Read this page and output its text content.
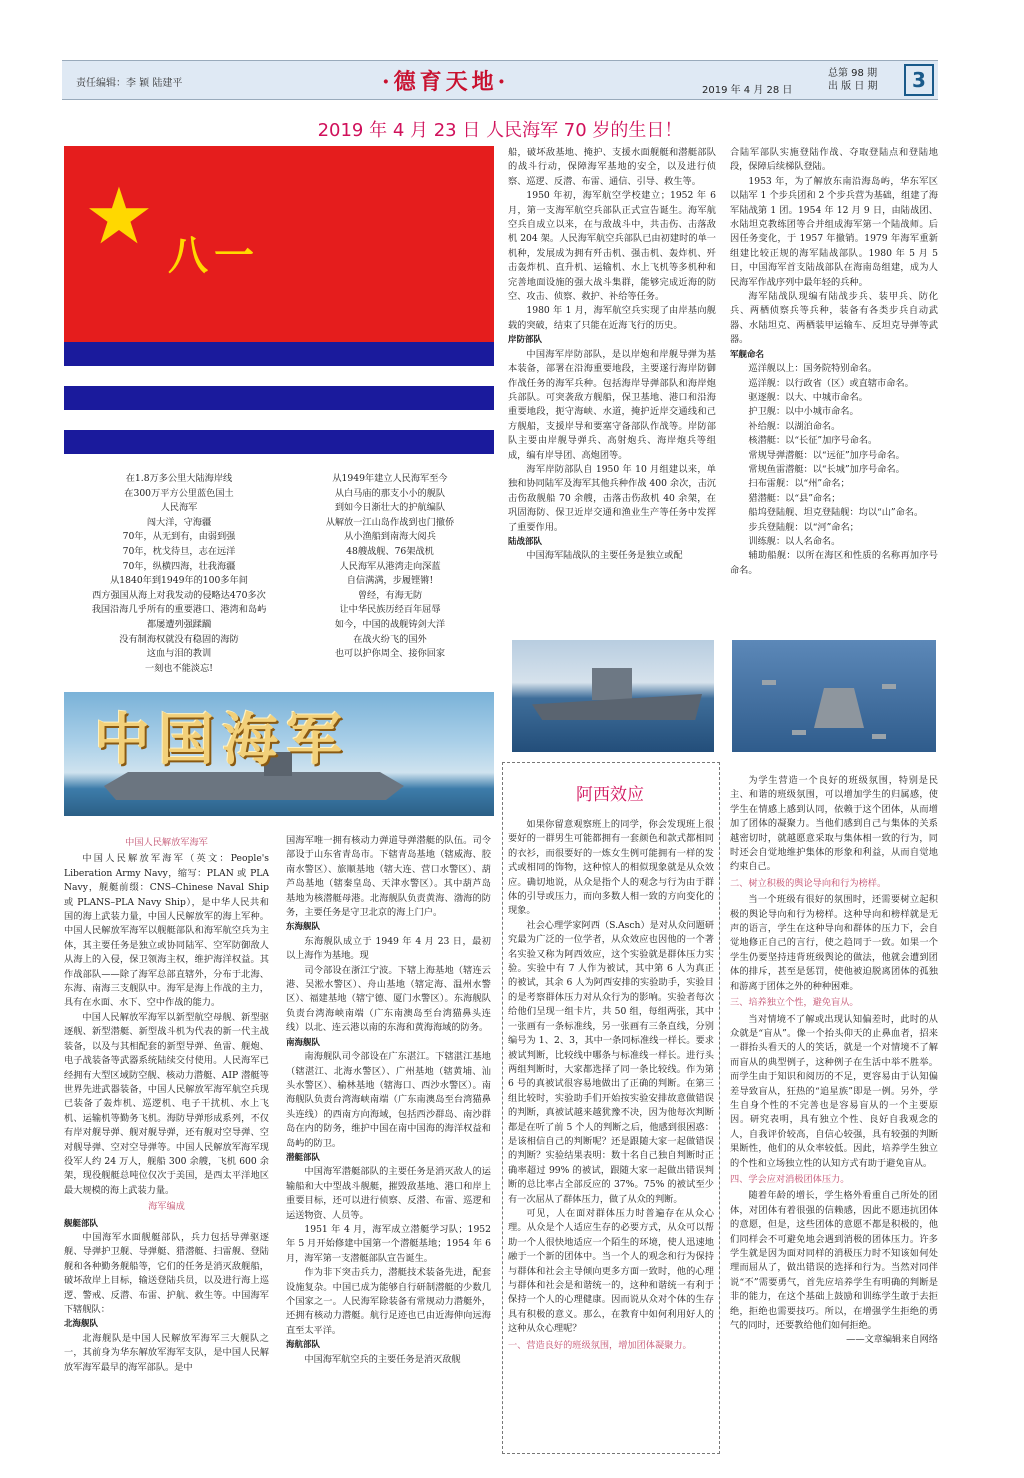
责任编辑：李 颖 陆建平	·德育天地·	2019 年 4 月 28 日
总第 98 期
出 版 日 期	3
2019 年 4 月 23 日 人民海军 70 岁的生日！
★ 八一
在1.8万多公里大陆海岸线
在300万平方公里蓝色国土
人民海军
闯大洋，守海疆
70年，从无到有，由弱到强
70年，枕戈待旦，志在远洋
70年，纵横四海，壮我海疆
从1840年到1949年的100多年间
西方强国从海上对我发动的侵略达470多次
我国沿海几乎所有的重要港口、港湾和岛屿
都屡遭列强蹂躏
没有制海权就没有稳固的海防
这血与泪的教训
一刻也不能淡忘!
从1949年建立人民海军至今
从白马庙的那支小小的舰队
到如今日渐壮大的护航编队
从解放一江山岛作战到也门撤侨
从小渔船到南海大阅兵
48艘战舰、76架战机
人民海军从港湾走向深蓝
自信满满，步履铿锵!
曾经，有海无防
让中华民族历经百年屈辱
如今，中国的战舰铸剑大洋
在战火纷飞的国外
也可以护你周全、接你回家
中国海军

中国人民解放军海军

中国人民解放军海军（英文：People's Liberation Army Navy，缩写：PLAN 或 PLA Navy，舰艇前缀：CNS–Chinese Naval Ship 或 PLANS–PLA Navy Ship），是中华人民共和国的海上武装力量，中国人民解放军的海上军种。中国人民解放军海军以舰艇部队和海军航空兵为主体，其主要任务是独立或协同陆军、空军防御敌人从海上的入侵，保卫领海主权，维护海洋权益。其作战部队——除了海军总部直辖外，分布于北海、东海、南海三支舰队中。海军是海上作战的主力，具有在水面、水下、空中作战的能力。

中国人民解放军海军以新型航空母舰、新型驱逐舰、新型潜艇、新型战斗机为代表的新一代主战装备，以及与其相配套的新型导弹、鱼雷、舰炮、电子战装备等武器系统陆续交付使用。人民海军已经拥有大型区域防空舰、核动力潜艇、AIP 潜艇等世界先进武器装备，中国人民解放军海军航空兵现已装备了轰炸机、巡逻机、电子干扰机、水上飞机、运输机等勤务飞机。海防导弹形成系列，不仅有岸对舰导弹、舰对舰导弹，还有舰对空导弹、空对舰导弹、空对空导弹等。中国人民解放军海军现役军人约 24 万人，舰船 300 余艘，飞机 600 余架，现役舰艇总吨位仅次于美国，是西太平洋地区最大规模的海上武装力量。

海军编成

舰艇部队

中国海军水面舰艇部队，兵力包括导弹驱逐舰、导弹护卫舰、导弹艇、猎潜艇、扫雷舰、登陆舰和各种勤务舰船等，它们的任务是消灭敌舰船，破坏敌岸上目标，输送登陆兵员，以及进行海上巡逻、警戒、反潜、布雷、护航、救生等。中国海军下辖舰队：

北海舰队

北海舰队是中国人民解放军海军三大舰队之一，其前身为华东解放军海军支队，是中国人民解放军海军最早的海军部队。是中

国海军唯一拥有核动力弹道导弹潜艇的队伍。司令部设于山东省青岛市。下辖青岛基地（辖威海、胶南水警区）、旅顺基地（辖大连、营口水警区）、葫芦岛基地（辖秦皇岛、天津水警区）。其中葫芦岛基地为核潜艇母港。北海舰队负责黄海、渤海的防务，主要任务是守卫北京的海上门户。

东海舰队

东海舰队成立于 1949 年 4 月 23 日，最初以上海作为基地。现

司令部设在浙江宁波。下辖上海基地（辖连云港、吴淞水警区）、舟山基地（辖定海、温州水警区）、福建基地（辖宁德、厦门水警区）。东海舰队负责台湾海峡南端（广东南澳岛至台湾猫鼻头连线）以北、连云港以南的东海和黄海海域的防务。

南海舰队

南海舰队司令部设在广东湛江。下辖湛江基地（辖湛江、北海水警区）、广州基地（辖黄埔、汕头水警区）、榆林基地（辖海口、西沙水警区）。南海舰队负责台湾海峡南端（广东南澳岛至台湾猫鼻头连线）的西南方向海域，包括西沙群岛、南沙群岛在内的防务，维护中国在南中国海的海洋权益和岛屿的防卫。

潜艇部队

中国海军潜艇部队的主要任务是消灭敌人的运输船和大中型战斗舰艇，摧毁敌基地、港口和岸上重要目标，还可以进行侦察、反潜、布雷、巡逻和运送物资、人员等。

1951 年 4 月，海军成立潜艇学习队；1952 年 5 月开始修建中国第一个潜艇基地；1954 年 6 月，海军第一支潜艇部队宣告诞生。

作为非下突击兵力，潜艇技术装备先进，配套设施复杂。中国已成为能够自行研制潜艇的少数几个国家之一。人民海军除装备有常规动力潜艇外，还拥有核动力潜艇。航行足迹也已由近海伸向远海直至太平洋。

海航部队

中国海军航空兵的主要任务是消灭敌舰

船，破坏敌基地、掩护、支援水面舰艇和潜艇部队的战斗行动，保障海军基地的安全，以及进行侦察、巡逻、反潜、布雷、通信、引导、救生等。

1950 年初，海军航空学校建立；1952 年 6 月，第一支海军航空兵部队正式宣告诞生。海军航空兵自成立以来，在与敌战斗中，共击伤、击落敌机 204 架。人民海军航空兵部队已由初建时的单一机种，发展成为拥有歼击机、强击机、轰炸机、歼击轰炸机、直升机、运输机、水上飞机等多机种和完善地面设施的强大战斗集群，能够完成近海的防空、攻击、侦察、救护、补给等任务。

1980 年 1 月，海军航空兵实现了由岸基向舰载的突破，结束了只能在近海飞行的历史。

岸防部队

中国海军岸防部队，是以岸炮和岸舰导弹为基本装备，部署在沿海重要地段，主要遂行海岸防御作战任务的海军兵种。包括海岸导弹部队和海岸炮兵部队。可突袭敌方舰船，保卫基地、港口和沿海重要地段，扼守海峡、水道，掩护近岸交通线和己方舰船，支援岸导和要塞守备部队作战等。岸防部队主要由岸舰导弹兵、高射炮兵、海岸炮兵等组成，编有岸导团、高炮团等。

海军岸防部队自 1950 年 10 月组建以来，单独和协同陆军及海军其他兵种作战 400 余次，击沉击伤敌舰船 70 余艘，击落击伤敌机 40 余架，在巩固海防、保卫近岸交通和渔业生产等任务中发挥了重要作用。

陆战部队

中国海军陆战队的主要任务是独立或配

合陆军部队实施登陆作战、夺取登陆点和登陆地段，保障后续梯队登陆。

1953 年，为了解放东南沿海岛屿，华东军区以陆军 1 个步兵团和 2 个步兵营为基础，组建了海军陆战第 1 团。1954 年 12 月 9 日，由陆战团、水陆坦克教练团等合并组成海军第一个陆战师。后因任务变化，于 1957 年撤销。1979 年海军重新组建比较正规的海军陆战部队。1980 年 5 月 5 日，中国海军首支陆战部队在海南岛组建，成为人民海军作战序列中最年轻的兵种。

海军陆战队现编有陆战步兵、装甲兵、防化兵、两栖侦察兵等兵种，装备有各类步兵自动武器、水陆坦克、两栖装甲运输车、反坦克导弹等武器。

军舰命名

巡洋舰以上：国务院特别命名。

巡洋舰：以行政省（区）或直辖市命名。

驱逐舰：以大、中城市命名。

护卫舰：以中小城市命名。

补给舰：以湖泊命名。

核潜艇：以“长征”加序号命名。

常规导弹潜艇：以“远征”加序号命名。

常规鱼雷潜艇：以“长城”加序号命名。

扫布雷舰：以“州”命名；

猎潜艇：以“县”命名；

船坞登陆舰、坦克登陆舰：均以“山”命名。

步兵登陆舰：以“河”命名；

训练舰：以人名命名。

辅助船舰：以所在海区和性质的名称再加序号命名。

阿西效应

如果你留意观察班上的同学，你会发现班上很要好的一群男生可能都拥有一套颜色和款式都相同的衣衫，而很要好的一炼女生例可能拥有一样的发式或相同的饰物，这种惊人的相似现象就是从众效应。确切地说，从众是指个人的观念与行为由于群体的引导或压力，而向多数人相一致的方向变化的现象。

社会心理学家阿西（S.Asch）是对从众问题研究最为广泛的一位学者，从众效应也因他的一个著名实验又称为阿西效应，这个实验就是群体压力实验。实验中有 7 人作为被试，其中第 6 人为真正的被试，其余 6 人为阿西安排的实验助手，实验目的是考察群体压力对从众行为的影响。实验者每次给他们呈现一组卡片，共 50 组，每组两张，其中一张画有一条标准线，另一张画有三条直线，分别编号为 1、2、3，其中一条同标准线一样长。要求被试判断，比较线中哪条与标准线一样长。进行头两组判断时，大家都选择了同一条比较线。作为第 6 号的真被试很容易地做出了正确的判断。在第三组比较时，实验助手们开始按实验安排故意做错误的判断，真被试越来越犹豫不决，因为他每次判断都是在听了前 5 个人的判断之后，他感到很困惑：是该相信自己的判断呢？还是跟随大家一起做错误的判断？实验结果表明：数十名自己独自判断时正确率超过 99% 的被试，跟随大家一起做出错误判断的总比率占全部反应的 37%。75% 的被试至少有一次屈从了群体压力，做了从众的判断。

可见，人在面对群体压力时普遍存在从众心理。从众是个人适应生存的必要方式，从众可以帮助一个人很快地适应一个陌生的环境，使人迅速地融于一个新的团体中。当一个人的观念和行为保持与群体和社会主导倾向更多方面一致时，他的心理与群体和社会是和谐统一的，这种和谐统一有利于保持一个人的心理健康。因而说从众对个体的生存具有积极的意义。那么，在教育中如何利用好人的这种从众心理呢？

一、营造良好的班级氛围，增加团体凝聚力。

为学生营造一个良好的班级氛围，特别是民主、和谐的班级氛围，可以增加学生的归属感，使学生在情感上感到认同，依赖于这个团体，从而增加了团体的凝聚力。当他们感到自己与集体的关系越密切时，就越愿意采取与集体相一致的行为，同时还会自觉地维护集体的形象和利益，从而自觉地约束自己。

二、树立积极的舆论导向和行为榜样。

当一个班级有很好的氛围时，还需要树立起积极的舆论导向和行为榜样。这种导向和榜样就是无声的语言，学生在这种导向和群体的压力下，会自觉地修正自己的言行，使之趋同于一致。如果一个学生仍要坚持违背班级舆论的做法，他就会遭到团体的排斥，甚至是惩罚，使他被迫脱离团体的孤独和游离于团体之外的种种困难。

三、培养独立个性，避免盲从。

当对情境不了解或出现认知偏差时，此时的从众就是“盲从”。像一个抬头仰天的止鼻血者，招来一群抬头看天的人的笑话，就是一个对情境不了解而盲从的典型例子，这种例子在生活中举不胜举。而学生由于知识和阅历的不足，更容易由于认知偏差导致盲从，狂热的“追星族”即是一例。另外，学生自身个性的不完善也是容易盲从的一个主要原因。研究表明，具有独立个性、良好自我观念的人，自我评价较高，自信心较强，具有较强的判断果断性，他们的从众率较低。因此，培养学生独立的个性和立场独立性的认知方式有助于避免盲从。

四、学会应对消极团体压力。

随着年龄的增长，学生格外看重自己所处的团体，对团体有着很强的信赖感，因此不愿违抗团体的意愿，但是，这些团体的意愿不都是积极的，他们同样会不可避免地会遇到消极的团体压力。许多学生就是因为面对同样的消极压力时不知该如何处理而屈从了，做出错误的选择和行为。当然对同伴说“不”需要勇气，首先应培养学生有明确的判断是非的能力，在这个基础上鼓励和训练学生敢于去拒绝，拒绝也需要技巧。所以，在增强学生拒绝的勇气的同时，还要教给他们如何拒绝。

——文章编辑来自网络
